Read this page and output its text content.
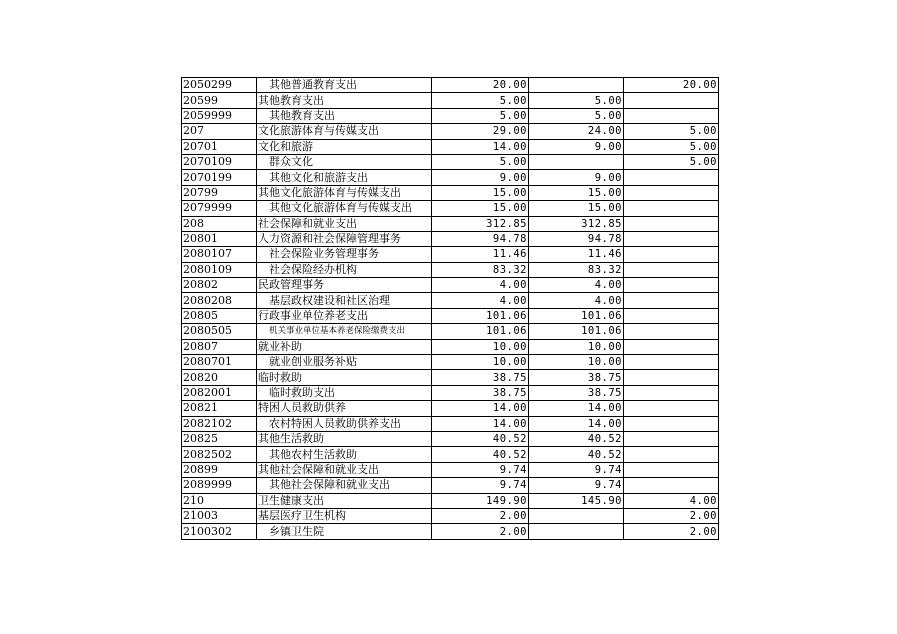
2050299	其他普通教育支出	20.00		20.00
20599	其他教育支出	5.00	5.00	
2059999	其他教育支出	5.00	5.00	
207	文化旅游体育与传媒支出	29.00	24.00	5.00
20701	文化和旅游	14.00	9.00	5.00
2070109	群众文化	5.00		5.00
2070199	其他文化和旅游支出	9.00	9.00	
20799	其他文化旅游体育与传媒支出	15.00	15.00	
2079999	其他文化旅游体育与传媒支出	15.00	15.00	
208	社会保障和就业支出	312.85	312.85	
20801	人力资源和社会保障管理事务	94.78	94.78	
2080107	社会保险业务管理事务	11.46	11.46	
2080109	社会保险经办机构	83.32	83.32	
20802	民政管理事务	4.00	4.00	
2080208	基层政权建设和社区治理	4.00	4.00	
20805	行政事业单位养老支出	101.06	101.06	
2080505	机关事业单位基本养老保险缴费支出	101.06	101.06	
20807	就业补助	10.00	10.00	
2080701	就业创业服务补贴	10.00	10.00	
20820	临时救助	38.75	38.75	
2082001	临时救助支出	38.75	38.75	
20821	特困人员救助供养	14.00	14.00	
2082102	农村特困人员救助供养支出	14.00	14.00	
20825	其他生活救助	40.52	40.52	
2082502	其他农村生活救助	40.52	40.52	
20899	其他社会保障和就业支出	9.74	9.74	
2089999	其他社会保障和就业支出	9.74	9.74	
210	卫生健康支出	149.90	145.90	4.00
21003	基层医疗卫生机构	2.00		2.00
2100302	乡镇卫生院	2.00		2.00
